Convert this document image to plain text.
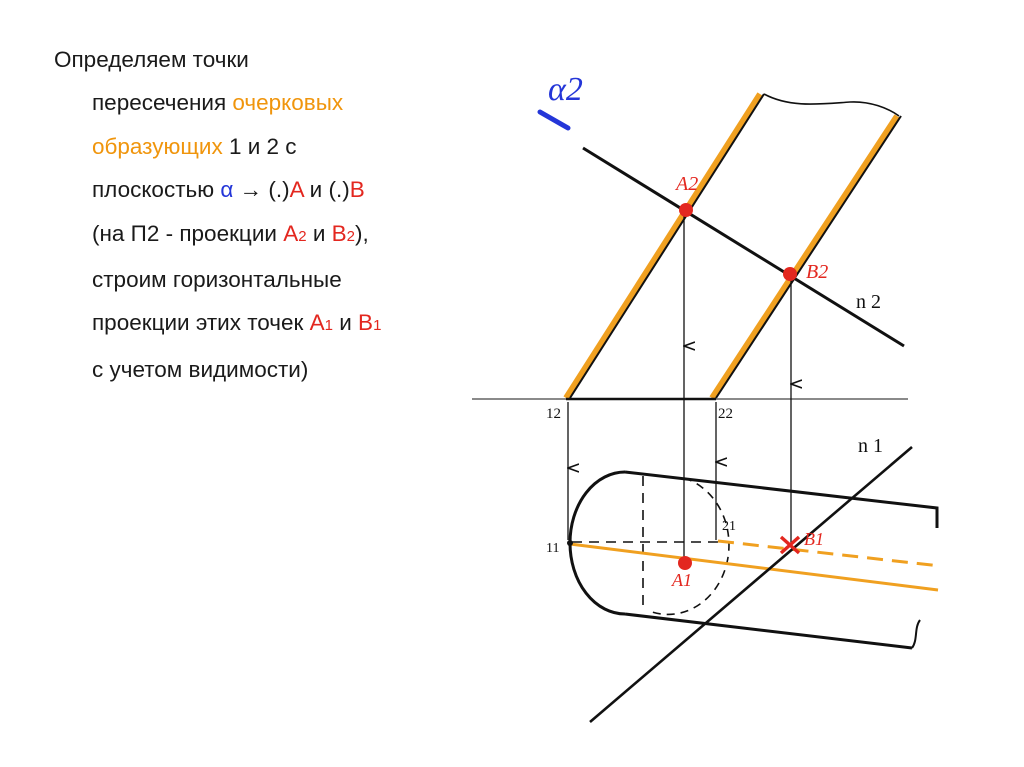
Определяем точки
пересечения очерковых
образующих 1 и 2 с
плоскостью α → (.)A и (.)B
(на П2 - проекции A2 и B2),
строим горизонтальные
проекции этих точек A1 и B1
с учетом видимости)
α2
n 2
12	22
n 1
11
21
A2
B2
A1
B1
